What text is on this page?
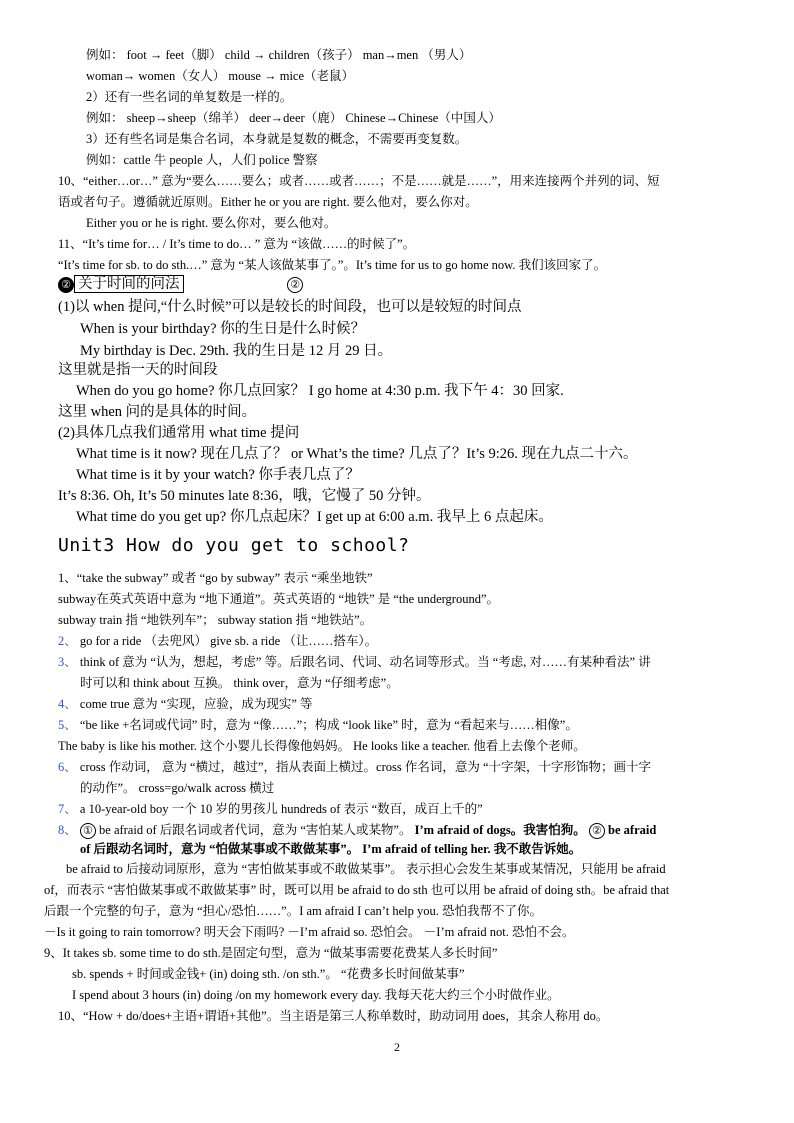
例如： foot → feet（脚） child → children（孩子） man→men （男人）
woman→ women（女人） mouse → mice（老鼠）
2）还有一些名词的单复数是一样的。
例如： sheep→sheep（绵羊） deer→deer（鹿） Chinese→Chinese（中国人）
3）还有些名词是集合名词，本身就是复数的概念，不需要再变复数。
例如：cattle 牛 people 人，人们 police 警察
10、“either…or…” 意为“要么……要么；或者……或者……；不是……就是……”，用来连接两个并列的词、短
语或者句子。遵循就近原则。Either he or you are right. 要么他对，要么你对。
Either you or he is right. 要么你对，要么他对。
11、“It’s time for… / It’s time to do… ” 意为 “该做……的时候了”。
“It’s time for sb. to do sth.…” 意为 “某人该做某事了。”。It’s time for us to go home now. 我们该回家了。
② 关于时间的问法	②
(1)以 when 提问,“什么时候”可以是较长的时间段，也可以是较短的时间点
When is your birthday? 你的生日是什么时候？
My birthday is Dec. 29th. 我的生日是 12 月 29 日。
这里就是指一天的时间段
When do you go home? 你几点回家？ I go home at 4:30 p.m. 我下午 4：30 回家.
这里 when 问的是具体的时间。
(2)具体几点我们通常用 what time 提问
What time is it now? 现在几点了？ or What’s the time? 几点了？It’s 9:26. 现在九点二十六。
What time is it by your watch? 你手表几点了？
It’s 8:36. Oh, It’s 50 minutes late 8:36，哦，它慢了 50 分钟。
What time do you get up? 你几点起床？I get up at 6:00 a.m. 我早上 6 点起床。
Unit3 How do you get to school?
1、“take the subway” 或者 “go by subway” 表示 “乘坐地铁”
subway在英式英语中意为 “地下通道”。英式英语的 “地铁” 是 “the underground”。
subway train 指 “地铁列车”； subway station 指 “地铁站”。
2、 go for a ride （去兜风） give sb. a ride （让……搭车）。
3、 think of 意为 “认为，想起，考虑” 等。后跟名词、代词、动名词等形式。当 “考虑, 对……有某种看法” 讲
时可以和 think about 互换。 think over，意为 “仔细考虑”。
4、 come true 意为 “实现，应验，成为现实” 等
5、 “be like +名词或代词” 时，意为 “像……”；构成 “look like” 时，意为 “看起来与……相像”。
The baby is like his mother. 这个小婴儿长得像他妈妈。 He looks like a teacher. 他看上去像个老师。
6、 cross 作动词， 意为 “横过，越过”，指从表面上横过。cross 作名词，意为 “十字架，十字形饰物；画十字
的动作”。 cross=go/walk across 横过
7、 a 10-year-old boy 一个 10 岁的男孩儿 hundreds of 表示 “数百，成百上千的”
8、 ① be afraid of 后跟名词或者代词，意为 “害怕某人或某物”。 I’m afraid of dogs。我害怕狗。 ② be afraid
of 后跟动名词时，意为 “怕做某事或不敢做某事”。 I’m afraid of telling her. 我不敢告诉她。
be afraid to 后接动词原形，意为 “害怕做某事或不敢做某事”。 表示担心会发生某事或某情况，只能用 be afraid
of，而表示 “害怕做某事或不敢做某事” 时，既可以用 be afraid to do sth 也可以用 be afraid of doing sth。be afraid that
后跟一个完整的句子，意为 “担心/恐怕……”。I am afraid I can’t help you. 恐怕我帮不了你。
－Is it going to rain tomorrow? 明天会下雨吗? －I’m afraid so. 恐怕会。 －I’m afraid not. 恐怕不会。
9、It takes sb. some time to do sth.是固定句型，意为 “做某事需要花费某人多长时间”
sb. spends + 时间或金钱+ (in) doing sth. /on sth.”。 “花费多长时间做某事”
I spend about 3 hours (in) doing /on my homework every day. 我每天花大约三个小时做作业。
10、“How + do/does+主语+谓语+其他”。当主语是第三人称单数时，助动词用 does，其余人称用 do。
2
